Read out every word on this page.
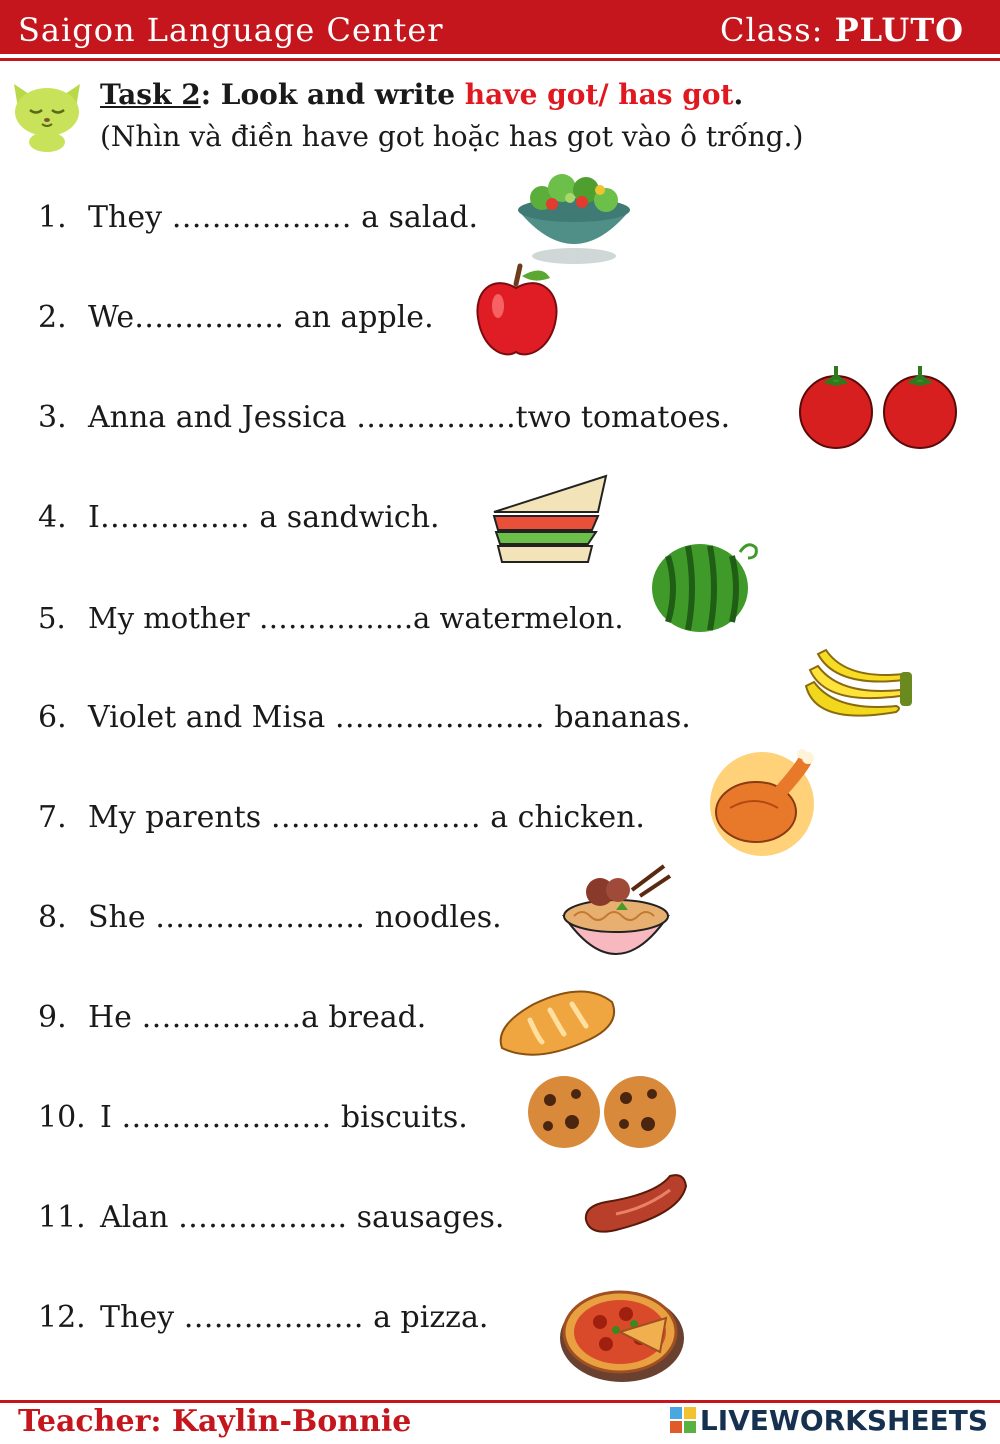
Saigon Language Center	Class: PLUTO
Task 2: Look and write have got/ has got.
(Nhìn và điền have got hoặc has got vào ô trống.)
1. They ……………… a salad.
2. We…………… an apple.
3. Anna and Jessica …………….two tomatoes.
4. I…………… a sandwich.
5. My mother …………….a watermelon.
6. Violet and Misa ………………… bananas.
7. My parents ………………… a chicken.
8. She ………………… noodles.
9. He …………….a bread.
10. I ………………… biscuits.
11. Alan …………….. sausages.
12. They ……………… a pizza.
Teacher: Kaylin-Bonnie	LIVEWORKSHEETS
